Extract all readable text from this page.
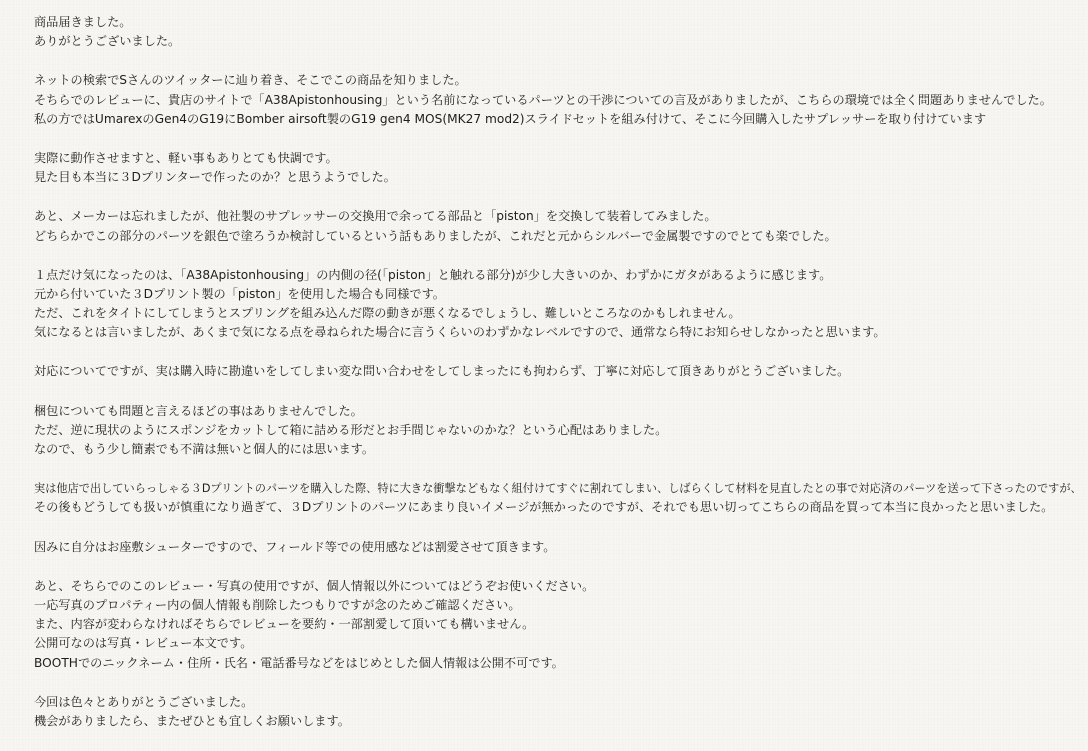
商品届きました。
ありがとうございました。
ネットの検索でSさんのツイッターに辿り着き、そこでこの商品を知りました。
そちらでのレビューに、貴店のサイトで「A38Apistonhousing」という名前になっているパーツとの干渉についての言及がありましたが、こちらの環境では全く問題ありませんでした。
私の方ではUmarexのGen4のG19にBomber airsoft製のG19 gen4 MOS(MK27 mod2)スライドセットを組み付けて、そこに今回購入したサプレッサーを取り付けています
実際に動作させますと、軽い事もありとても快調です。
見た目も本当に３Dプリンターで作ったのか？と思うようでした。
あと、メーカーは忘れましたが、他社製のサプレッサーの交換用で余ってる部品と「piston」を交換して装着してみました。
どちらかでこの部分のパーツを銀色で塗ろうか検討しているという話もありましたが、これだと元からシルバーで金属製ですのでとても楽でした。
１点だけ気になったのは、「A38Apistonhousing」の内側の径(「piston」と触れる部分)が少し大きいのか、わずかにガタがあるように感じます。
元から付いていた３Dプリント製の「piston」を使用した場合も同様です。
ただ、これをタイトにしてしまうとスプリングを組み込んだ際の動きが悪くなるでしょうし、難しいところなのかもしれません。
気になるとは言いましたが、あくまで気になる点を尋ねられた場合に言うくらいのわずかなレベルですので、通常なら特にお知らせしなかったと思います。
対応についてですが、実は購入時に勘違いをしてしまい変な問い合わせをしてしまったにも拘わらず、丁寧に対応して頂きありがとうございました。
梱包についても問題と言えるほどの事はありませんでした。
ただ、逆に現状のようにスポンジをカットして箱に詰める形だとお手間じゃないのかな？という心配はありました。
なので、もう少し簡素でも不満は無いと個人的には思います。
実は他店で出していらっしゃる３Dプリントのパーツを購入した際、特に大きな衝撃などもなく組付けてすぐに割れてしまい、しばらくして材料を見直したとの事で対応済のパーツを送って下さったのですが、
その後もどうしても扱いが慎重になり過ぎて、３Dプリントのパーツにあまり良いイメージが無かったのですが、それでも思い切ってこちらの商品を買って本当に良かったと思いました。
因みに自分はお座敷シューターですので、フィールド等での使用感などは割愛させて頂きます。
あと、そちらでのこのレビュー・写真の使用ですが、個人情報以外についてはどうぞお使いください。
一応写真のプロパティー内の個人情報も削除したつもりですが念のためご確認ください。
また、内容が変わらなければそちらでレビューを要約・一部割愛して頂いても構いません。
公開可なのは写真・レビュー本文です。
BOOTHでのニックネーム・住所・氏名・電話番号などをはじめとした個人情報は公開不可です。
今回は色々とありがとうございました。
機会がありましたら、またぜひとも宜しくお願いします。
